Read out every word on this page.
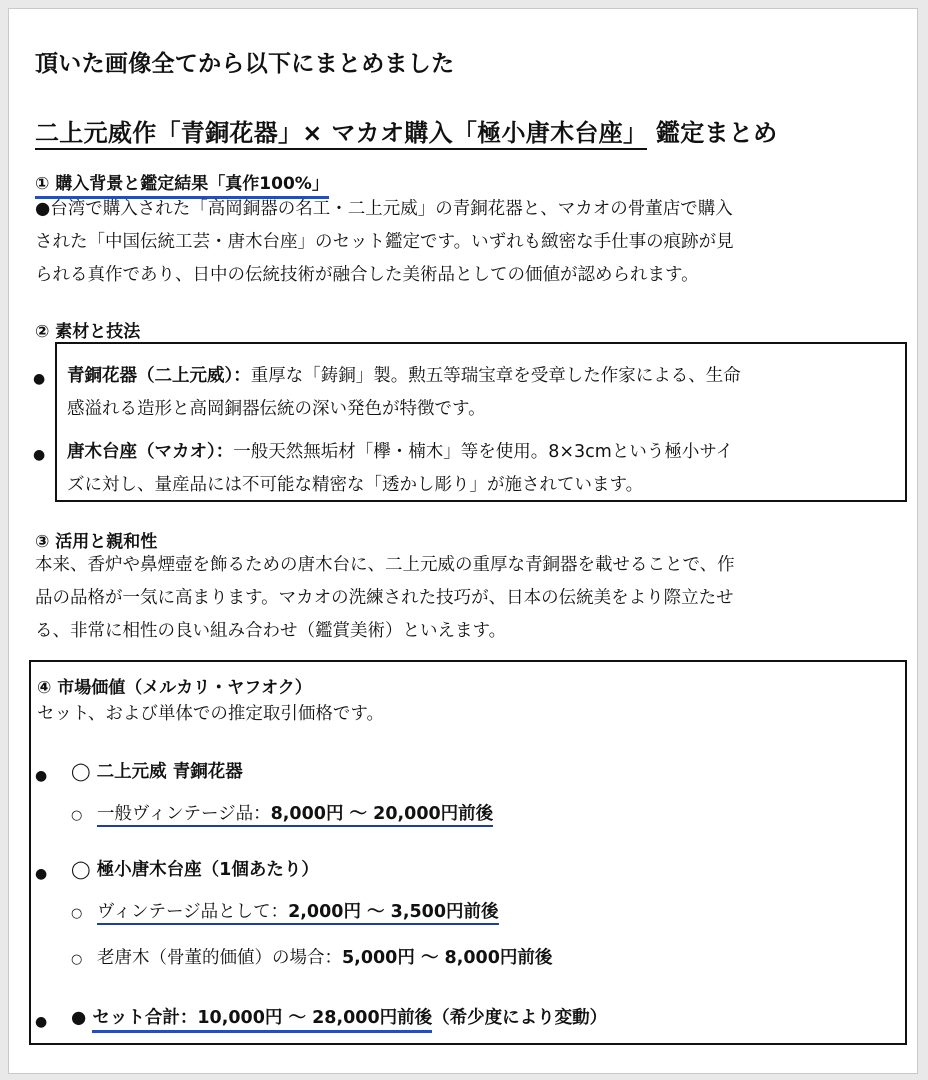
頂いた画像全てから以下にまとめました
二上元威作「青銅花器」× マカオ購入「極小唐木台座」 鑑定まとめ
① 購入背景と鑑定結果「真作100%」
●台湾で購入された「高岡銅器の名工・二上元威」の青銅花器と、マカオの骨董店で購入
された「中国伝統工芸・唐木台座」のセット鑑定です。いずれも緻密な手仕事の痕跡が見
られる真作であり、日中の伝統技術が融合した美術品としての価値が認められます。
② 素材と技法
●
●
青銅花器（二上元威）：重厚な「鋳銅」製。勲五等瑞宝章を受章した作家による、生命
感溢れる造形と高岡銅器伝統の深い発色が特徴です。
唐木台座（マカオ）：一般天然無垢材「欅・楠木」等を使用。8×3cmという極小サイ
ズに対し、量産品には不可能な精密な「透かし彫り」が施されています。
③ 活用と親和性
本来、香炉や鼻煙壺を飾るための唐木台に、二上元威の重厚な青銅器を載せることで、作
品の品格が一気に高まります。マカオの洗練された技巧が、日本の伝統美をより際立たせ
る、非常に相性の良い組み合わせ（鑑賞美術）といえます。
④ 市場価値（メルカリ・ヤフオク）
セット、および単体での推定取引価格です。
● ◯ 二上元威 青銅花器
○ 一般ヴィンテージ品：8,000円 〜 20,000円前後
● ◯ 極小唐木台座（1個あたり）
○ ヴィンテージ品として：2,000円 〜 3,500円前後
○ 老唐木（骨董的価値）の場合：5,000円 〜 8,000円前後
● ● セット合計：10,000円 〜 28,000円前後（希少度により変動）
